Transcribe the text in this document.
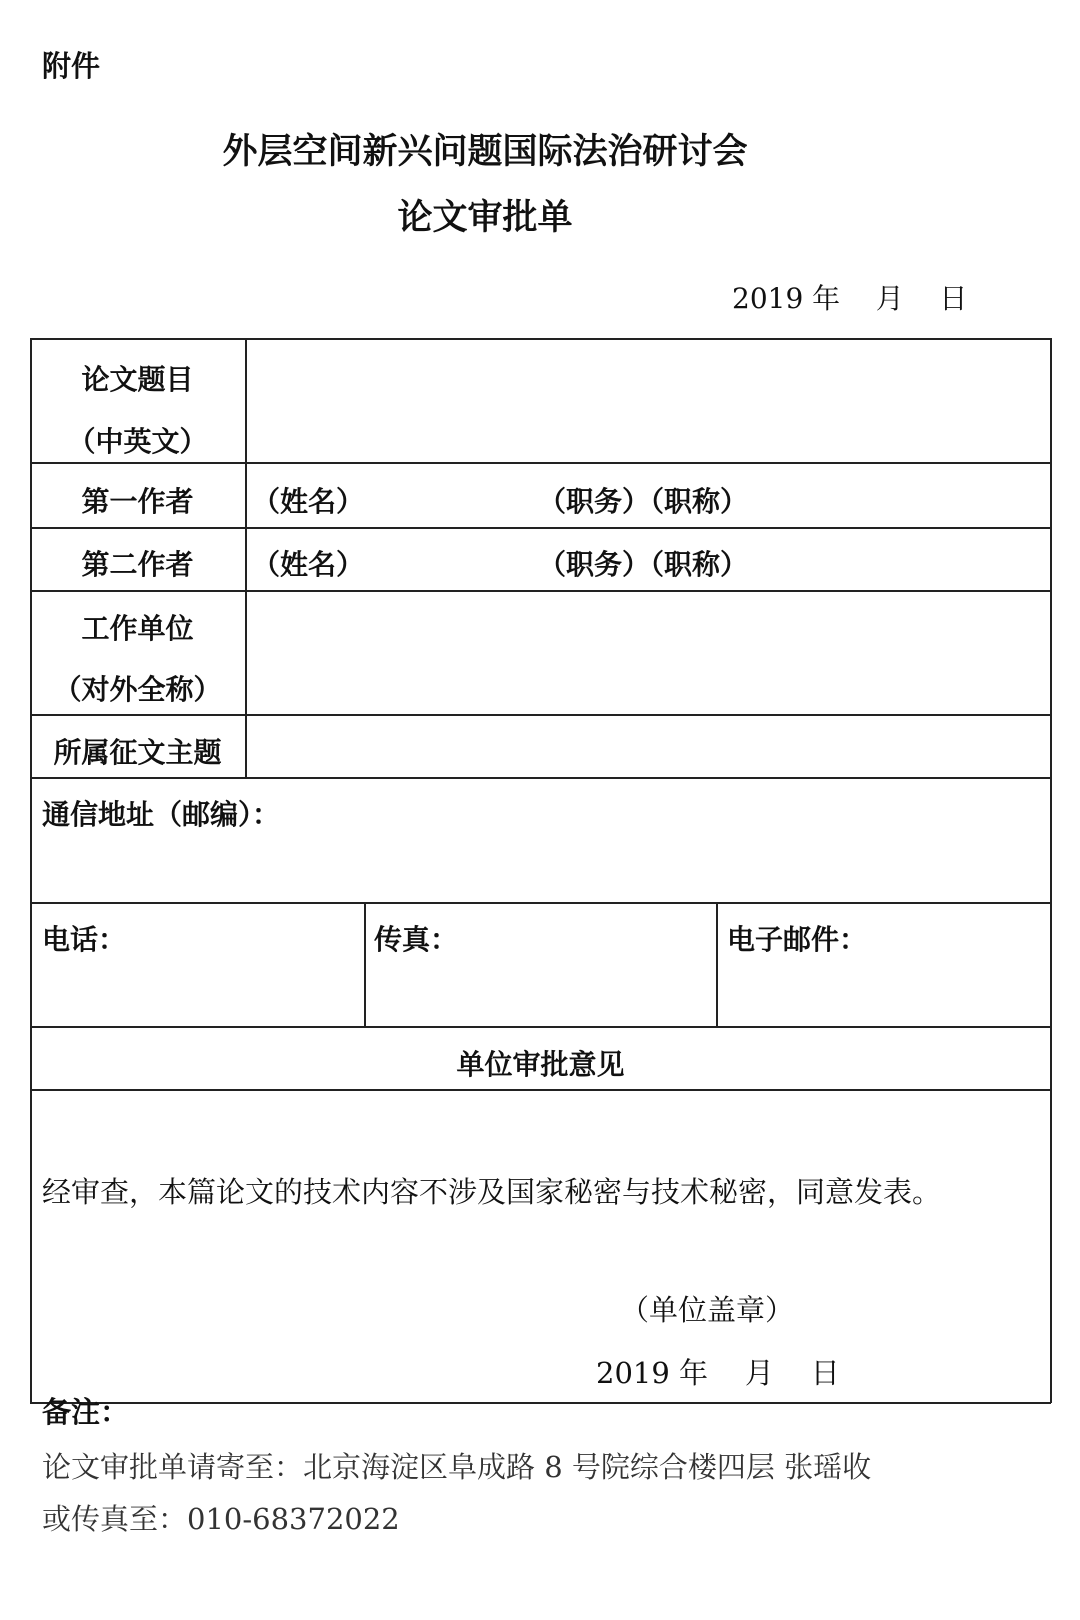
附件
外层空间新兴问题国际法治研讨会
论文审批单
2019 年    月    日
论文题目
（中英文）
第一作者	（姓名）	（职务）（职称）
第二作者	（姓名）	（职务）（职称）
工作单位
（对外全称）
所属征文主题
通信地址（邮编）：
电话：	传真：	电子邮件：
单位审批意见
经审查，本篇论文的技术内容不涉及国家秘密与技术秘密，同意发表。
（单位盖章）
2019 年    月    日
备注：
论文审批单请寄至：北京海淀区阜成路 8 号院综合楼四层 张瑶收
或传真至：010-68372022
